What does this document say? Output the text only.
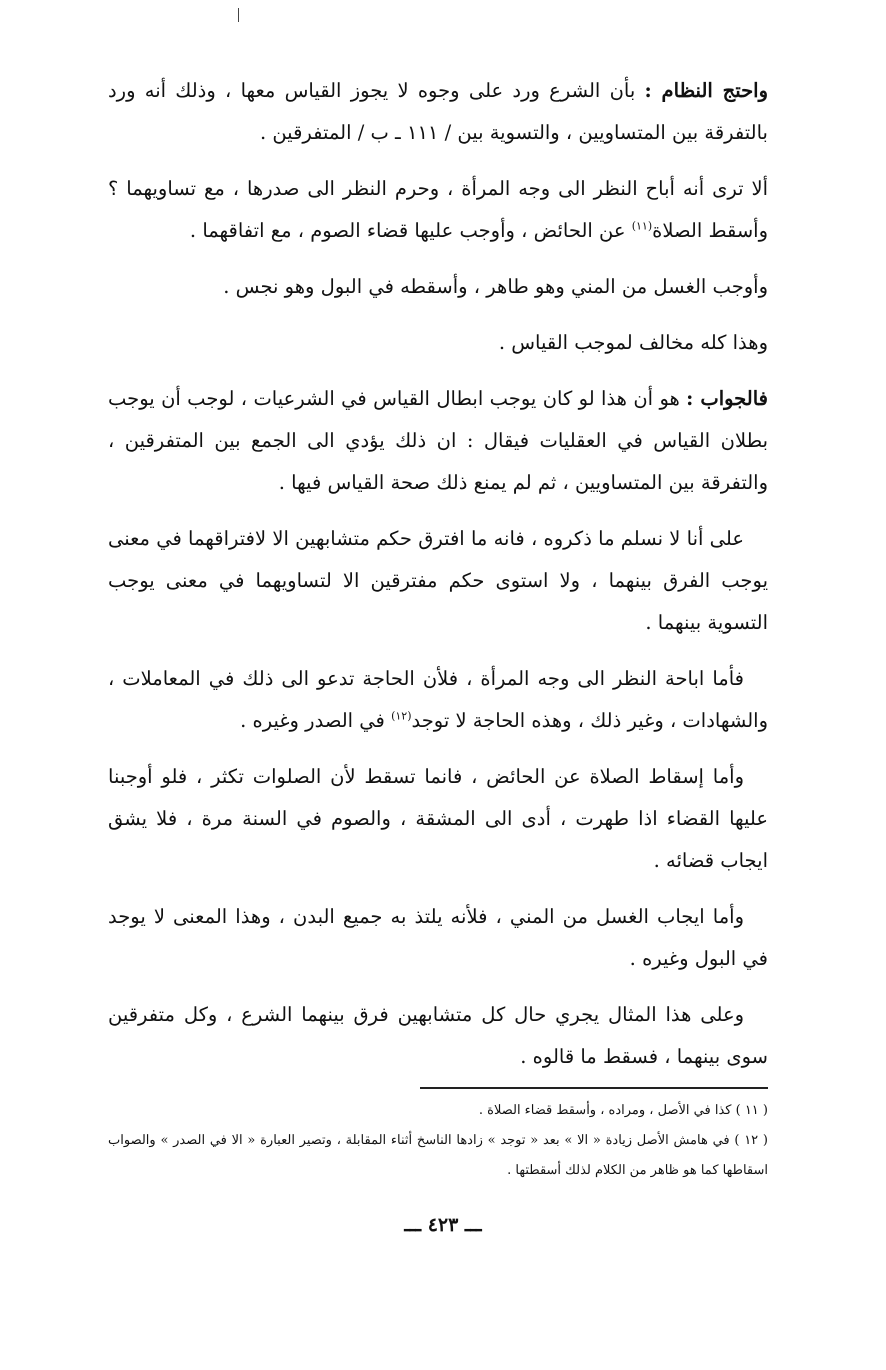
واحتج النظام : بأن الشرع ورد على وجوه لا يجوز القياس معها ، وذلك أنه ورد بالتفرقة بين المتساويين ، والتسوية بين / ١١١ ـ ب / المتفرقين .

ألا ترى أنه أباح النظر الى وجه المرأة ، وحرم النظر الى صدرها ، مع تساويهما ؟ وأسقط الصلاة$^{(١١)}$ عن الحائض ، وأوجب عليها قضاء الصوم ، مع اتفاقهما .

وأوجب الغسل من المني وهو طاهر ، وأسقطه في البول وهو نجس .

وهذا كله مخالف لموجب القياس .

فالجواب : هو أن هذا لو كان يوجب ابطال القياس في الشرعيات ، لوجب أن يوجب بطلان القياس في العقليات فيقال : ان ذلك يؤدي الى الجمع بين المتفرقين ، والتفرقة بين المتساويين ، ثم لم يمنع ذلك صحة القياس فيها .

على أنا لا نسلم ما ذكروه ، فانه ما افترق حكم متشابهين الا لافتراقهما في معنى يوجب الفرق بينهما ، ولا استوى حكم مفترقين الا لتساويهما في معنى يوجب التسوية بينهما .

فأما اباحة النظر الى وجه المرأة ، فلأن الحاجة تدعو الى ذلك في المعاملات ، والشهادات ، وغير ذلك ، وهذه الحاجة لا توجد$^{(١٢)}$ في الصدر وغيره .

وأما إسقاط الصلاة عن الحائض ، فانما تسقط لأن الصلوات تكثر ، فلو أوجبنا عليها القضاء اذا طهرت ، أدى الى المشقة ، والصوم في السنة مرة ، فلا يشق ايجاب قضائه .

وأما ايجاب الغسل من المني ، فلأنه يلتذ به جميع البدن ، وهذا المعنى لا يوجد في البول وغيره .

وعلى هذا المثال يجري حال كل متشابهين فرق بينهما الشرع ، وكل متفرقين سوى بينهما ، فسقط ما قالوه .

( ١١ ) كذا في الأصل ، ومراده ، وأسقط قضاء الصلاة .

( ١٢ ) في هامش الأصل زيادة « الا » بعد « توجد » زادها الناسخ أثناء المقابلة ، وتصير العبارة « الا في الصدر » والصواب اسقاطها كما هو ظاهر من الكلام لذلك أسقطتها .

ـــ ٤٢٣ ـــ
